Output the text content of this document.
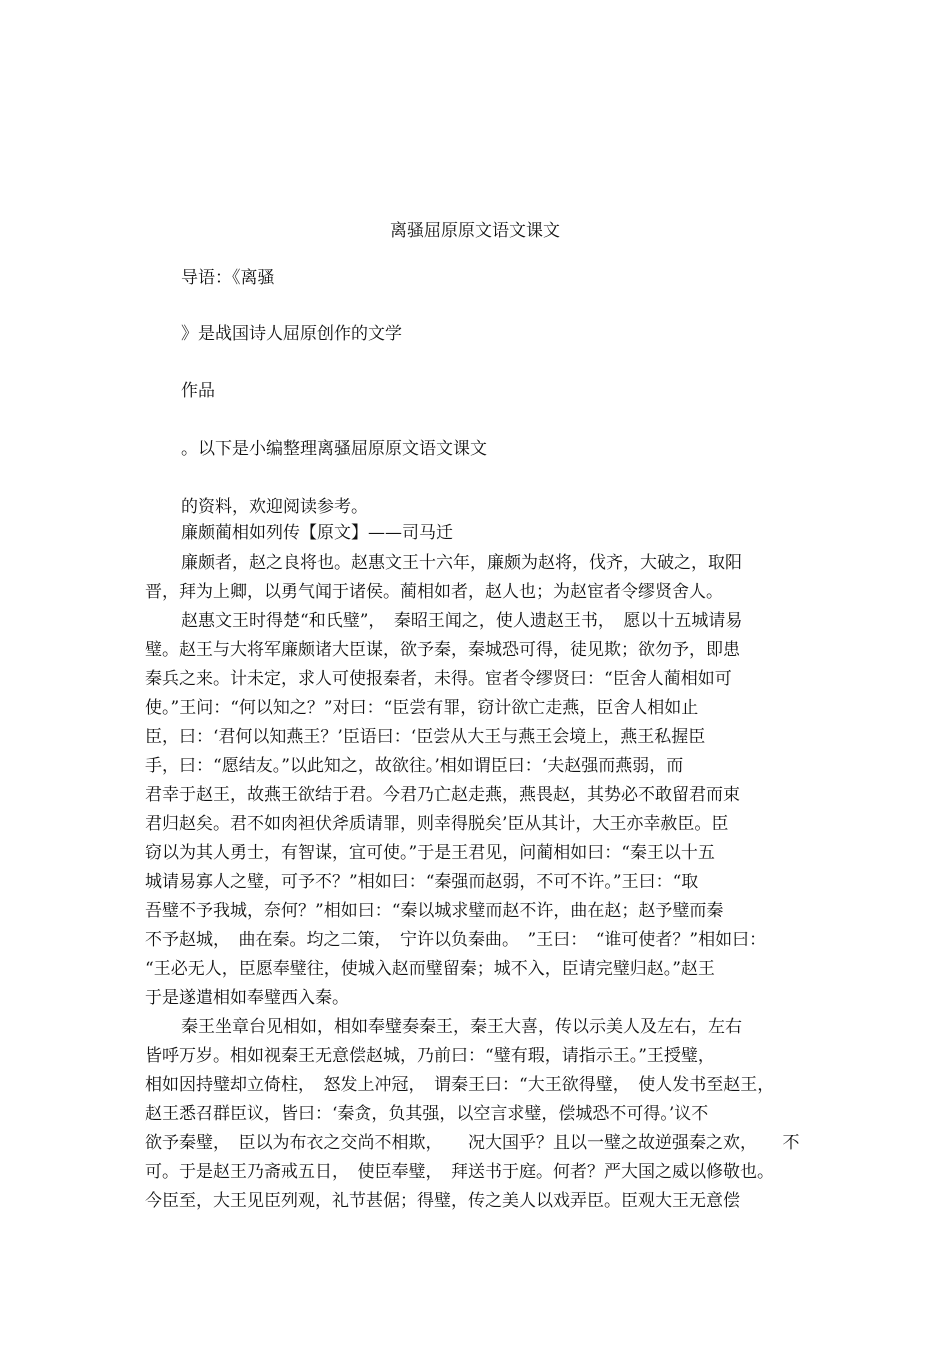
离骚屈原原文语文课文
导语：《离骚
》是战国诗人屈原创作的文学
作品
。以下是小编整理离骚屈原原文语文课文
的资料，欢迎阅读参考。
廉颇蔺相如列传【原文】——司马迁
廉颇者，赵之良将也。赵惠文王十六年，廉颇为赵将，伐齐，大破之，取阳
晋，拜为上卿，以勇气闻于诸侯。蔺相如者，赵人也；为赵宦者令缪贤舍人。
赵惠文王时得楚“和氏璧”，　秦昭王闻之，使人遗赵王书，　愿以十五城请易
璧。赵王与大将军廉颇诸大臣谋，欲予秦，秦城恐可得，徒见欺；欲勿予，即患
秦兵之来。计未定，求人可使报秦者，未得。宦者令缪贤曰：“臣舍人蔺相如可
使。”王问：“何以知之？”对曰：“臣尝有罪，窃计欲亡走燕，臣舍人相如止
臣，曰：‘君何以知燕王？’臣语曰：‘臣尝从大王与燕王会境上，燕王私握臣
手，曰：“愿结友。”以此知之，故欲往。’相如谓臣曰：‘夫赵强而燕弱，而
君幸于赵王，故燕王欲结于君。今君乃亡赵走燕，燕畏赵，其势必不敢留君而束
君归赵矣。君不如肉袒伏斧质请罪，则幸得脱矣’臣从其计，大王亦幸赦臣。臣
窃以为其人勇士，有智谋，宜可使。”于是王君见，问蔺相如曰：“秦王以十五
城请易寡人之璧，可予不？”相如曰：“秦强而赵弱，不可不许。”王曰：“取
吾璧不予我城，奈何？”相如曰：“秦以城求璧而赵不许，曲在赵；赵予璧而秦
不予赵城，　曲在秦。均之二策，　宁许以负秦曲。　”王曰：　“谁可使者？”相如曰：
“王必无人，臣愿奉璧往，使城入赵而璧留秦；城不入，臣请完璧归赵。”赵王
于是遂遣相如奉璧西入秦。
秦王坐章台见相如，相如奉璧奏秦王，秦王大喜，传以示美人及左右，左右
皆呼万岁。相如视秦王无意偿赵城，乃前曰：“璧有瑕，请指示王。”王授璧，
相如因持璧却立倚柱，　怒发上冲冠，　谓秦王曰：“大王欲得璧，　使人发书至赵王，
赵王悉召群臣议，皆曰：‘秦贪，负其强，以空言求璧，偿城恐不可得。’议不
欲予秦璧，　臣以为布衣之交尚不相欺，　　况大国乎？且以一璧之故逆强秦之欢，　　不
可。于是赵王乃斋戒五日，　使臣奉璧，　拜送书于庭。何者？严大国之威以修敬也。
今臣至，大王见臣列观，礼节甚倨；得璧，传之美人以戏弄臣。臣观大王无意偿
